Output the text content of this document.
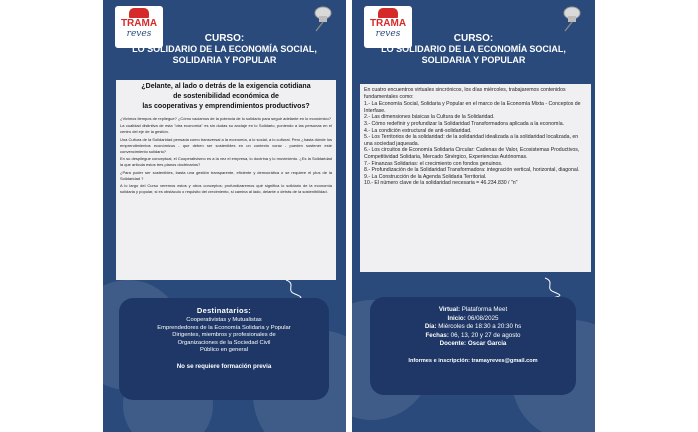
TRAMA
reves	CURSO:
LO SOLIDARIO DE LA ECONOMÍA SOCIAL,
SOLIDARIA Y POPULAR
¿Delante, al lado o detrás de la exigencia cotidiana
de sostenibilidad económica de
las cooperativas y emprendimientos productivos?

¿Vivimos tiempos de repliegue? ¿Cómo vaciamos de la potencia de lo solidario para seguir adelante en lo económico?

La cualidad distintiva de esta "otra economía" es sin dudas su anclaje en lo Solidario, poniendo a las personas en el centro del eje de la gestión.

Una Cultura de la Solidaridad pensada como transversal a la economía, a lo social, a lo cultural. Pero ¿hasta dónde los emprendimientos económicos - que deben ser sostenibles en un contexto voraz - pueden sostener este convencimiento solidario?

En su despliegue conceptual, el Cooperativismo es a la vez el empresa, lo doctrina y lo movimiento. ¿Es la Solidaridad la que articula estos tres planos doctrinarios?

¿Para poder ser sostenibles, basta una gestión transparente, eficiente y democrática o se requiere el plus de la Solidaridad ?

A lo largo del Curso veremos estos y otros conceptos; profundizaremos qué significa lo solidario de la economía solidaria y popular, si es obstáculo o requisito del crecimiento, si camina al lado, delante o detrás de la sostenibilidad.

Destinatarios:
Cooperativistas y Mutualistas
Emprendedores de la Economía Solidaria y Popular
Dirigentes, miembros y profesionales de
Organizaciones de la Sociedad Civil
Público en general
No se requiere formación previa
TRAMA
reves	CURSO:
LO SOLIDARIO DE LA ECONOMÍA SOCIAL,
SOLIDARIA Y POPULAR

En cuatro encuentros virtuales sincrónicos, los días miércoles, trabajaremos contenidos fundamentales como:

1.- La Economía Social, Solidaria y Popular en el marco de la Economía Mixta - Conceptos de Interfase.
2.- Las dimensiones básicas la Cultura de la Solidaridad.
3.- Cómo redefinir y profundizar la Solidaridad Transformadora aplicada a la economía.
4.- La condición estructural de anti-solidaridad.
5.- Los Territorios de la solidaridad: de la solidaridad idealizada a la solidaridad localizada, en una sociedad jaqueada.
6.- Los circuitos de Economía Solidaria Circular: Cadenas de Valor, Ecosistemas Productivos, Competitividad Solidaria, Mercado Sinérgico, Experiencias Autónomas.
7.- Finanzas Solidarias: el crecimiento con fondos genuinos.
8.- Profundización de la Solidaridad Transformadora: integración vertical, horizontal, diagonal.
9.- La Construcción de la Agenda Solidaria Territorial.
10.- El número clave de la solidaridad necesaria = 46.234.830 / "n"
Virtual: Plataforma Meet
Inicio: 06/08/2025
Día: Miércoles de 18:30 a 20:30 hs
Fechas: 06, 13, 20 y 27 de agosto
Docente: Oscar Garcia
Informes e inscripción: tramayreves@gmail.com
